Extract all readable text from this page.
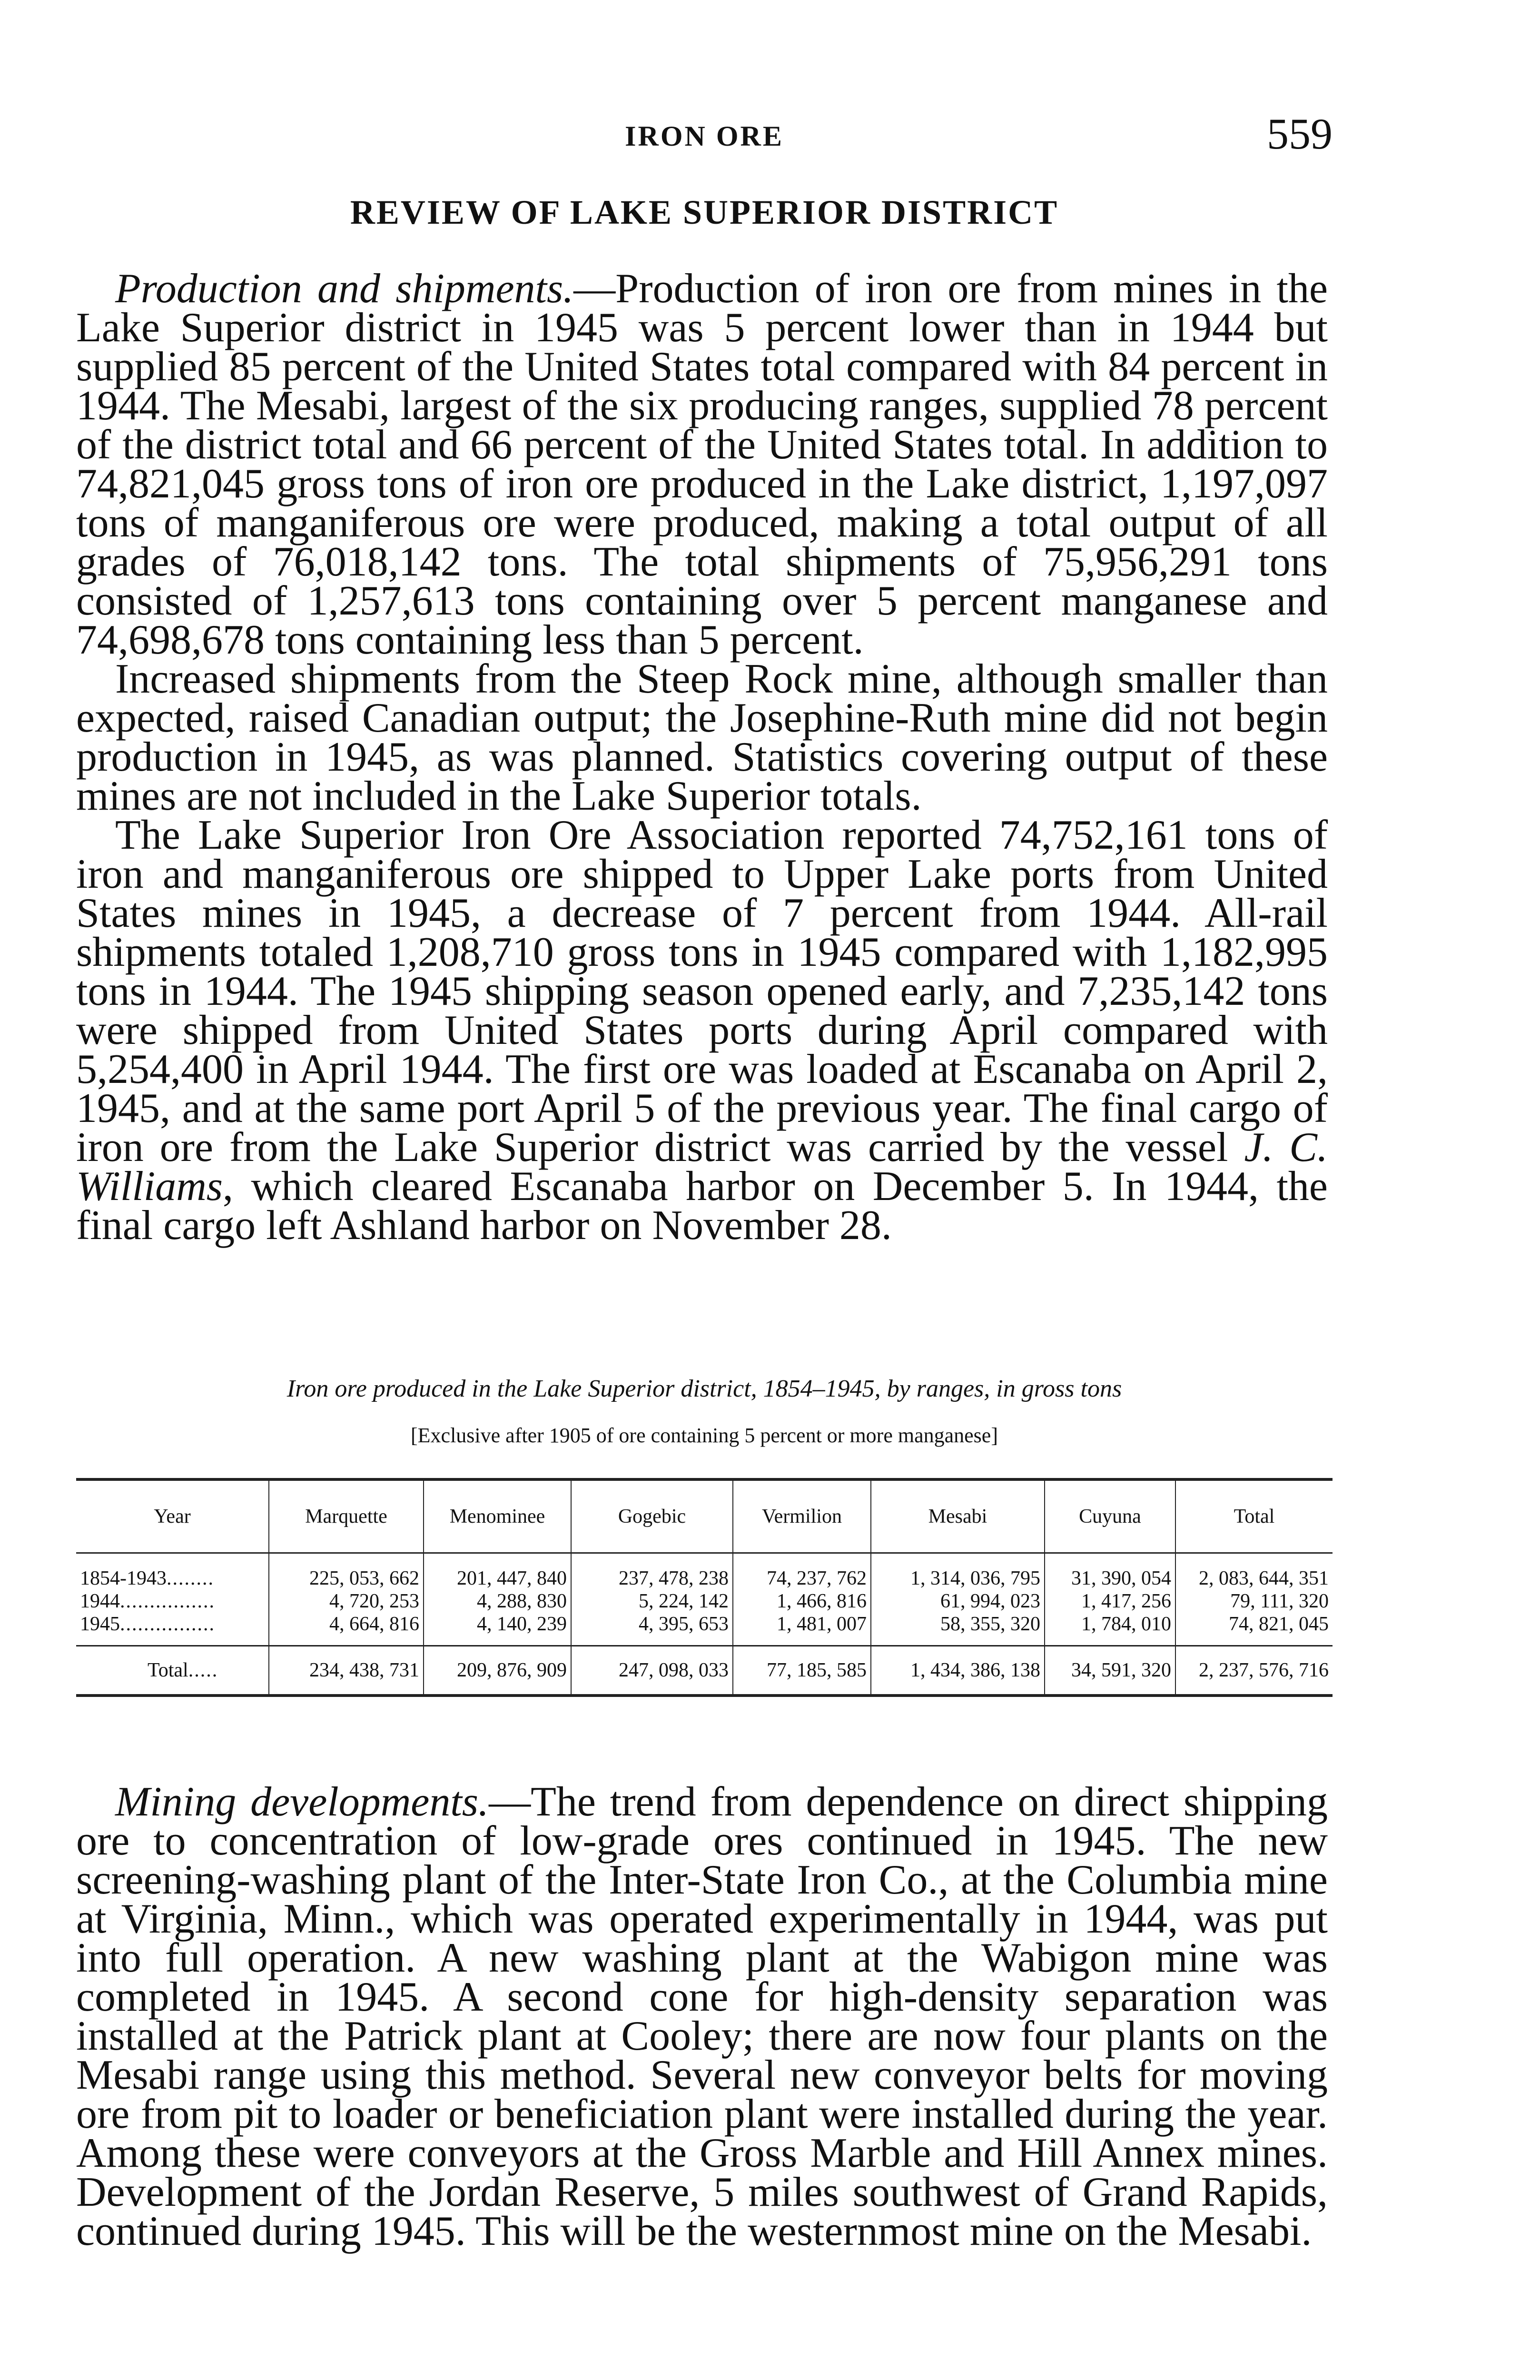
IRON ORE	559
REVIEW OF LAKE SUPERIOR DISTRICT

Production and shipments.—Production of iron ore from mines in the Lake Superior district in 1945 was 5 percent lower than in 1944 but supplied 85 percent of the United States total compared with 84 percent in 1944. The Mesabi, largest of the six producing ranges, supplied 78 percent of the district total and 66 percent of the United States total. In addition to 74,821,045 gross tons of iron ore produced in the Lake district, 1,197,097 tons of manganiferous ore were produced, making a total output of all grades of 76,018,142 tons. The total shipments of 75,956,291 tons consisted of 1,257,613 tons containing over 5 percent manganese and 74,698,678 tons containing less than 5 percent.

Increased shipments from the Steep Rock mine, although smaller than expected, raised Canadian output; the Josephine-Ruth mine did not begin production in 1945, as was planned. Statistics covering output of these mines are not included in the Lake Superior totals.

The Lake Superior Iron Ore Association reported 74,752,161 tons of iron and manganiferous ore shipped to Upper Lake ports from United States mines in 1945, a decrease of 7 percent from 1944. All-rail shipments totaled 1,208,710 gross tons in 1945 compared with 1,182,995 tons in 1944. The 1945 shipping season opened early, and 7,235,142 tons were shipped from United States ports during April compared with 5,254,400 in April 1944. The first ore was loaded at Escanaba on April 2, 1945, and at the same port April 5 of the previous year. The final cargo of iron ore from the Lake Superior district was carried by the vessel J. C. Williams, which cleared Escanaba harbor on December 5. In 1944, the final cargo left Ashland harbor on November 28.

Iron ore produced in the Lake Superior district, 1854–1945, by ranges, in gross tons
[Exclusive after 1905 of ore containing 5 percent or more manganese]
Year	Marquette	Menominee	Gogebic	Vermilion	Mesabi	Cuyuna	Total
1854-1943........	225, 053, 662	201, 447, 840	237, 478, 238	74, 237, 762	1, 314, 036, 795	31, 390, 054	2, 083, 644, 351
1944................	4, 720, 253	4, 288, 830	5, 224, 142	1, 466, 816	61, 994, 023	1, 417, 256	79, 111, 320
1945................	4, 664, 816	4, 140, 239	4, 395, 653	1, 481, 007	58, 355, 320	1, 784, 010	74, 821, 045
Total.....	234, 438, 731	209, 876, 909	247, 098, 033	77, 185, 585	1, 434, 386, 138	34, 591, 320	2, 237, 576, 716

Mining developments.—The trend from dependence on direct shipping ore to concentration of low-grade ores continued in 1945. The new screening-washing plant of the Inter-State Iron Co., at the Columbia mine at Virginia, Minn., which was operated experimentally in 1944, was put into full operation. A new washing plant at the Wabigon mine was completed in 1945. A second cone for high-density separation was installed at the Patrick plant at Cooley; there are now four plants on the Mesabi range using this method. Several new conveyor belts for moving ore from pit to loader or beneficiation plant were installed during the year. Among these were conveyors at the Gross Marble and Hill Annex mines. Development of the Jordan Reserve, 5 miles southwest of Grand Rapids, continued during 1945. This will be the westernmost mine on the Mesabi.
